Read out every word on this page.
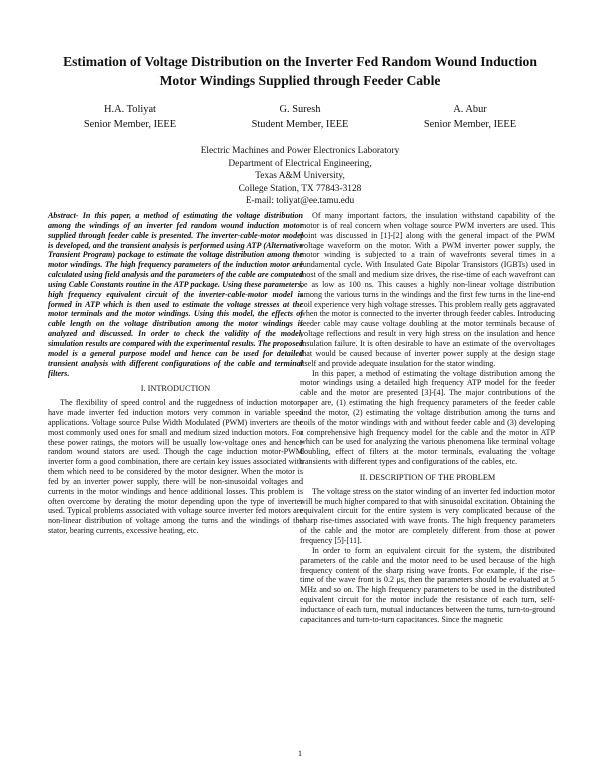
Estimation of Voltage Distribution on the Inverter Fed Random Wound Induction
Motor Windings Supplied through Feeder Cable
H.A. Toliyat
Senior Member, IEEE
G. Suresh
Student Member, IEEE
A. Abur
Senior Member, IEEE
Electric Machines and Power Electronics Laboratory
Department of Electrical Engineering,
Texas A&M University,
College Station, TX 77843-3128
E-mail: toliyat@ee.tamu.edu

Abstract- In this paper, a method of estimating the voltage distribution among the windings of an inverter fed random wound induction motor supplied through feeder cable is presented. The inverter-cable-motor model is developed, and the transient analysis is performed using ATP (Alternative Transient Program) package to estimate the voltage distribution among the motor windings. The high frequency parameters of the induction motor are calculated using field analysis and the parameters of the cable are computed using Cable Constants routine in the ATP package. Using these parameters, high frequency equivalent circuit of the inverter-cable-motor model is formed in ATP which is then used to estimate the voltage stresses at the motor terminals and the motor windings. Using this model, the effects of cable length on the voltage distribution among the motor windings is analyzed and discussed. In order to check the validity of the model, simulation results are compared with the experimental results. The proposed model is a general purpose model and hence can be used for detailed transient analysis with different configurations of the cable and terminal filters.

I. INTRODUCTION

The flexibility of speed control and the ruggedness of induction motors have made inverter fed induction motors very common in variable speed applications. Voltage source Pulse Width Modulated (PWM) inverters are the most commonly used ones for small and medium sized induction motors. For these power ratings, the motors will be usually low-voltage ones and hence random wound stators are used. Though the cage induction motor-PWM inverter form a good combination, there are certain key issues associated with them which need to be considered by the motor designer. When the motor is fed by an inverter power supply, there will be non-sinusoidal voltages and currents in the motor windings and hence additional losses. This problem is often overcome by derating the motor depending upon the type of inverter used. Typical problems associated with voltage source inverter fed motors are non-linear distribution of voltage among the turns and the windings of the stator, bearing currents, excessive heating, etc.

Of many important factors, the insulation withstand capability of the motor is of real concern when voltage source PWM inverters are used. This point was discussed in [1]-[2] along with the general impact of the PWM voltage waveform on the motor. With a PWM inverter power supply, the motor winding is subjected to a train of wavefronts several times in a fundamental cycle. With Insulated Gate Bipolar Transistors (IGBTs) used in most of the small and medium size drives, the rise-time of each wavefront can be as low as 100 ns. This causes a highly non-linear voltage distribution among the various turns in the windings and the first few turns in the line-end coil experience very high voltage stresses. This problem really gets aggravated when the motor is connected to the inverter through feeder cables. Introducing feeder cable may cause voltage doubling at the motor terminals because of voltage reflections and result in very high stress on the insulation and hence insulation failure. It is often desirable to have an estimate of the overvoltages that would be caused because of inverter power supply at the design stage itself and provide adequate insulation for the stator winding.

In this paper, a method of estimating the voltage distribution among the motor windings using a detailed high frequency ATP model for the feeder cable and the motor are presented [3]-[4]. The major contributions of the paper are, (1) estimating the high frequency parameters of the feeder cable and the motor, (2) estimating the voltage distribution among the turns and coils of the motor windings with and without feeder cable and (3) developing a comprehensive high frequency model for the cable and the motor in ATP which can be used for analyzing the various phenomena like terminal voltage doubling, effect of filters at the motor terminals, evaluating the voltage transients with different types and configurations of the cables, etc.

II. DESCRIPTION OF THE PROBLEM

The voltage stress on the stator winding of an inverter fed induction motor will be much higher compared to that with sinusoidal excitation. Obtaining the equivalent circuit for the entire system is very complicated because of the sharp rise-times associated with wave fronts. The high frequency parameters of the cable and the motor are completely different from those at power frequency [5]-[11].

In order to form an equivalent circuit for the system, the distributed parameters of the cable and the motor need to be used because of the high frequency content of the sharp rising wave fronts. For example, if the rise-time of the wave front is 0.2 μs, then the parameters should be evaluated at 5 MHz and so on. The high frequency parameters to be used in the distributed equivalent circuit for the motor include the resistance of each turn, self-inductance of each turn, mutual inductances between the turns, turn-to-ground capacitances and turn-to-turn capacitances. Since the magnetic

1
